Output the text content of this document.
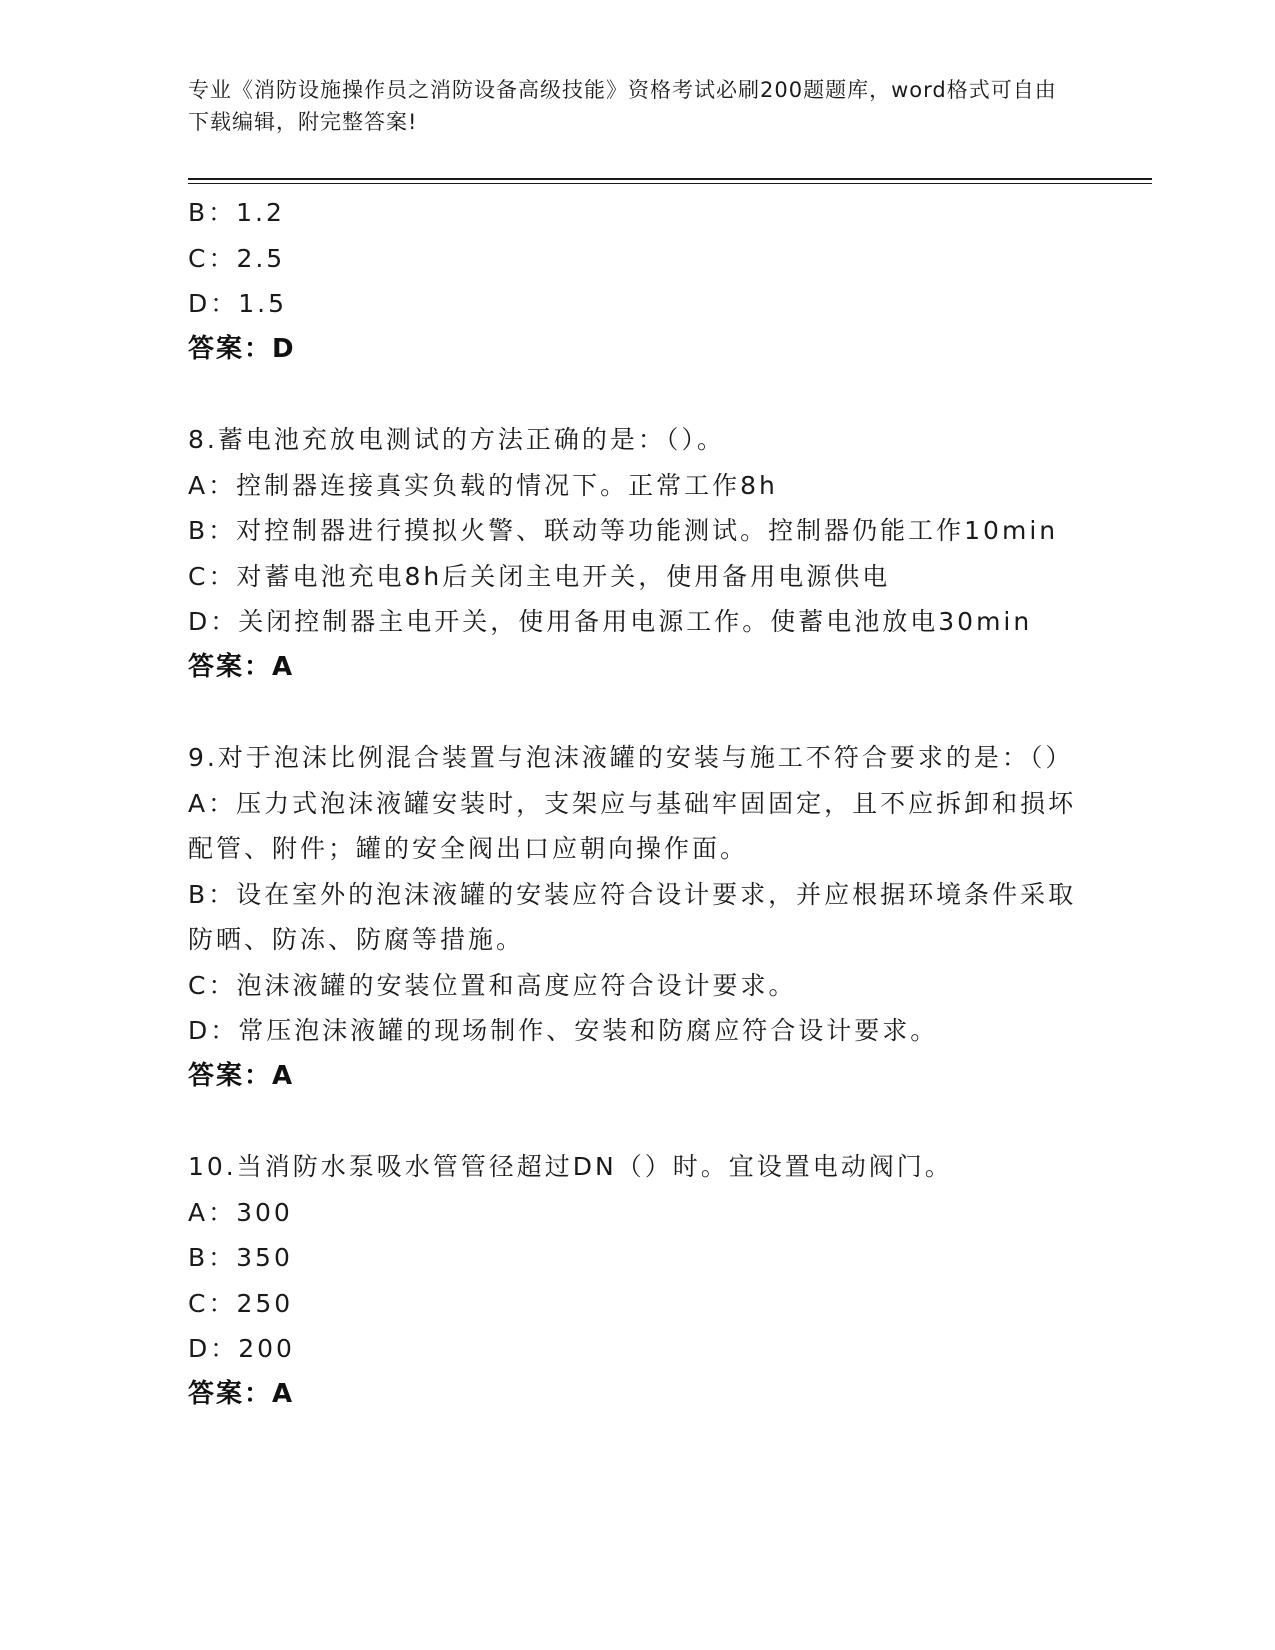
专业《消防设施操作员之消防设备高级技能》资格考试必刷200题题库，word格式可自由下载编辑，附完整答案!
B：1.2
C：2.5
D：1.5
答案：D
8.蓄电池充放电测试的方法正确的是：（）。
A：控制器连接真实负载的情况下。正常工作8h
B：对控制器进行摸拟火警、联动等功能测试。控制器仍能工作10min
C：对蓄电池充电8h后关闭主电开关，使用备用电源供电
D：关闭控制器主电开关，使用备用电源工作。使蓄电池放电30min
答案：A
9.对于泡沫比例混合装置与泡沫液罐的安装与施工不符合要求的是：（）
A：压力式泡沫液罐安装时，支架应与基础牢固固定，且不应拆卸和损坏配管、附件；罐的安全阀出口应朝向操作面。
B：设在室外的泡沫液罐的安装应符合设计要求，并应根据环境条件采取防晒、防冻、防腐等措施。
C：泡沫液罐的安装位置和高度应符合设计要求。
D：常压泡沫液罐的现场制作、安装和防腐应符合设计要求。
答案：A
10.当消防水泵吸水管管径超过DN（）时。宜设置电动阀门。
A：300
B：350
C：250
D：200
答案：A
